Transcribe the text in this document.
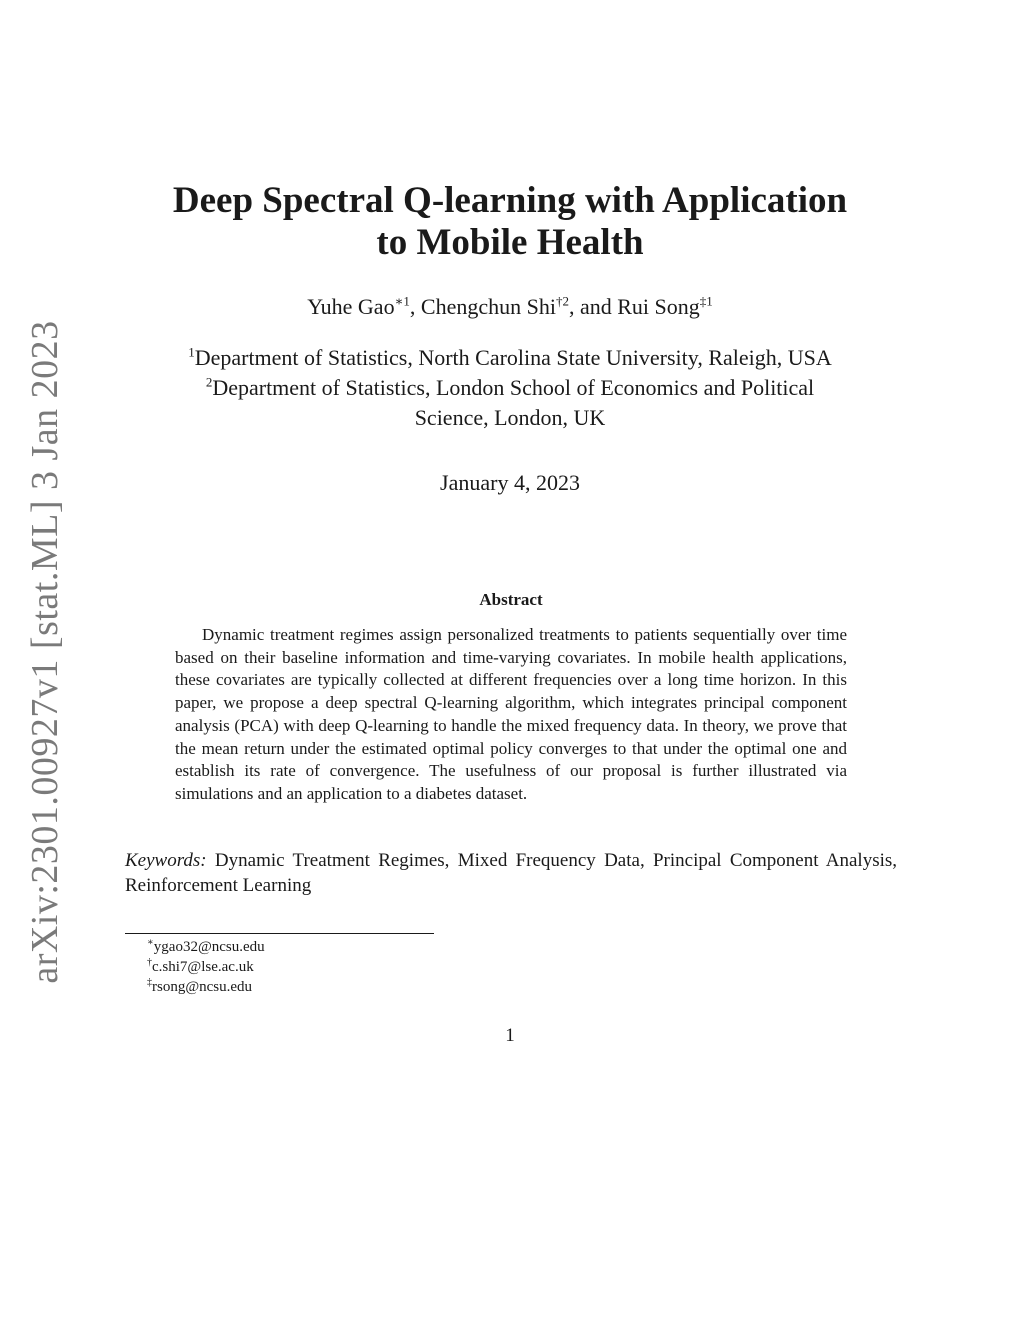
arXiv:2301.00927v1 [stat.ML] 3 Jan 2023
Deep Spectral Q-learning with Application
to Mobile Health
Yuhe Gao$^{∗1}$, Chengchun Shi$^{\dagger 2}$, and Rui Song$^{\ddagger 1}$
$^1$Department of Statistics, North Carolina State University, Raleigh, USA
$^2$Department of Statistics, London School of Economics and Political
Science, London, UK
January 4, 2023
Abstract
Dynamic treatment regimes assign personalized treatments to patients sequentially over time based on their baseline information and time-varying covariates. In mobile health applications, these covariates are typically collected at different frequencies over a long time horizon. In this paper, we propose a deep spectral Q-learning algorithm, which integrates principal component analysis (PCA) with deep Q-learning to handle the mixed frequency data. In theory, we prove that the mean return under the estimated optimal policy converges to that under the optimal one and establish its rate of convergence. The usefulness of our proposal is further illustrated via simulations and an application to a diabetes dataset.
Keywords: Dynamic Treatment Regimes, Mixed Frequency Data, Principal Component Analysis, Reinforcement Learning
∗ygao32@ncsu.edu
†c.shi7@lse.ac.uk
‡rsong@ncsu.edu
1
